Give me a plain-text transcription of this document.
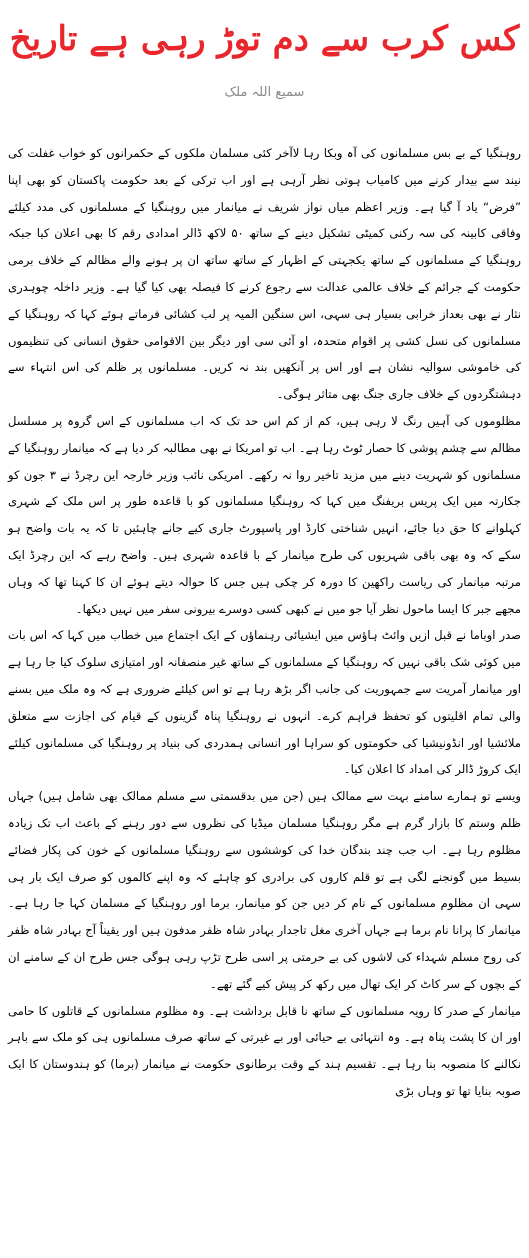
کس کرب سے دم توڑ رہی ہے تاریخ
سمیع اللہ ملک

روہنگیا کے بے بس مسلمانوں کی آہ وبکا رہا لاآخر کئی مسلمان ملکوں کے حکمرانوں کو خواب غفلت کی نیند سے بیدار کرنے میں کامیاب ہوتی نظر آرہی ہے اور اب ترکی کے بعد حکومت پاکستان کو بھی اپنا ”فرض“ یاد آ گیا ہے۔ وزیر اعظم میاں نواز شریف نے میانمار میں روہنگیا کے مسلمانوں کی مدد کیلئے وفاقی کابینہ کی سہ رکنی کمیٹی تشکیل دینے کے ساتھ ۵۰ لاکھ ڈالر امدادی رقم کا بھی اعلان کیا جبکہ روہنگیا کے مسلمانوں کے ساتھ یکجہتی کے اظہار کے ساتھ ساتھ ان پر ہونے والے مظالم کے خلاف برمی حکومت کے جرائم کے خلاف عالمی عدالت سے رجوع کرنے کا فیصلہ بھی کیا گیا ہے۔ وزیر داخلہ چوہدری نثار نے بھی بعداز خرابی بسیار ہی سہی، اس سنگین المیہ پر لب کشائی فرماتے ہوئے کہا کہ روہنگیا کے مسلمانوں کی نسل کشی پر اقوام متحدہ، او آئی سی اور دیگر بین الاقوامی حقوق انسانی کی تنظیموں کی خاموشی سوالیہ نشان ہے اور اس پر آنکھیں بند نہ کریں۔ مسلمانوں پر ظلم کی اس انتہاء سے دہشتگردوں کے خلاف جاری جنگ بھی متاثر ہوگی۔

مظلوموں کی آہیں رنگ لا رہی ہیں، کم از کم اس حد تک کہ اب مسلمانوں کے اس گروہ پر مسلسل مظالم سے چشم پوشی کا حصار ٹوٹ رہا ہے۔ اب تو امریکا نے بھی مطالبہ کر دیا ہے کہ میانمار روہنگیا کے مسلمانوں کو شہریت دینے میں مزید تاخیر روا نہ رکھے۔ امریکی نائب وزیر خارجہ این رچرڈ نے ۳ جون کو جکارتہ میں ایک پریس بریفنگ میں کہا کہ روہنگیا مسلمانوں کو با قاعدہ طور پر اس ملک کے شہری کہلوانے کا حق دیا جائے، انہیں شناختی کارڈ اور پاسپورٹ جاری کیے جانے چاہئیں تا کہ یہ بات واضح ہو سکے کہ وہ بھی باقی شہریوں کی طرح میانمار کے با قاعدہ شہری ہیں۔ واضح رہے کہ این رچرڈ ایک مرتبہ میانمار کی ریاست راکھین کا دورہ کر چکی ہیں جس کا حوالہ دیتے ہوئے ان کا کہنا تھا کہ وہاں مجھے جبر کا ایسا ماحول نظر آیا جو میں نے کبھی کسی دوسرے بیرونی سفر میں نہیں دیکھا۔

صدر اوباما نے قبل ازیں وائٹ ہاؤس میں ایشیائی رہنماؤں کے ایک اجتماع میں خطاب میں کہا کہ اس بات میں کوئی شک باقی نہیں کہ روہنگیا کے مسلمانوں کے ساتھ غیر منصفانہ اور امتیازی سلوک کیا جا رہا ہے اور میانمار آمریت سے جمہوریت کی جانب اگر بڑھ رہا ہے تو اس کیلئے ضروری ہے کہ وہ ملک میں بسنے والی تمام اقلیتوں کو تحفظ فراہم کرے۔ انہوں نے روہنگیا پناہ گزینوں کے قیام کی اجازت سے متعلق ملائشیا اور انڈونیشیا کی حکومتوں کو سراہا اور انسانی ہمدردی کی بنیاد پر روہنگیا کی مسلمانوں کیلئے ایک کروڑ ڈالر کی امداد کا اعلان کیا۔

ویسے تو ہمارے سامنے بہت سے ممالک ہیں (جن میں بدقسمتی سے مسلم ممالک بھی شامل ہیں) جہاں ظلم وستم کا بازار گرم ہے مگر روہنگیا مسلمان میڈیا کی نظروں سے دور رہنے کے باعث اب تک زیادہ مظلوم رہا ہے۔ اب جب چند بندگان خدا کی کوششوں سے روہنگیا مسلمانوں کے خون کی پکار فضائے بسیط میں گونجنے لگی ہے تو قلم کاروں کی برادری کو چاہئے کہ وہ اپنے کالموں کو صرف ایک بار ہی سہی ان مظلوم مسلمانوں کے نام کر دیں جن کو میانمار، برما اور روہنگیا کے مسلمان کہا جا رہا ہے۔ میانمار کا پرانا نام برما ہے جہاں آخری مغل تاجدار بہادر شاہ ظفر مدفون ہیں اور یقیناً آج بہادر شاہ ظفر کی روح مسلم شہداء کی لاشوں کی بے حرمتی پر اسی طرح تڑپ رہی ہوگی جس طرح ان کے سامنے ان کے بچوں کے سر کاٹ کر ایک تھال میں رکھ کر پیش کیے گئے تھے۔

میانمار کے صدر کا رویہ مسلمانوں کے ساتھ نا قابل برداشت ہے۔ وہ مظلوم مسلمانوں کے قاتلوں کا حامی اور ان کا پشت پناہ ہے۔ وہ انتہائی بے حیائی اور بے غیرتی کے ساتھ صرف مسلمانوں ہی کو ملک سے باہر نکالنے کا منصوبہ بنا رہا ہے۔ تقسیم ہند کے وقت برطانوی حکومت نے میانمار (برما) کو ہندوستان کا ایک صوبہ بنایا تھا تو وہاں بڑی
